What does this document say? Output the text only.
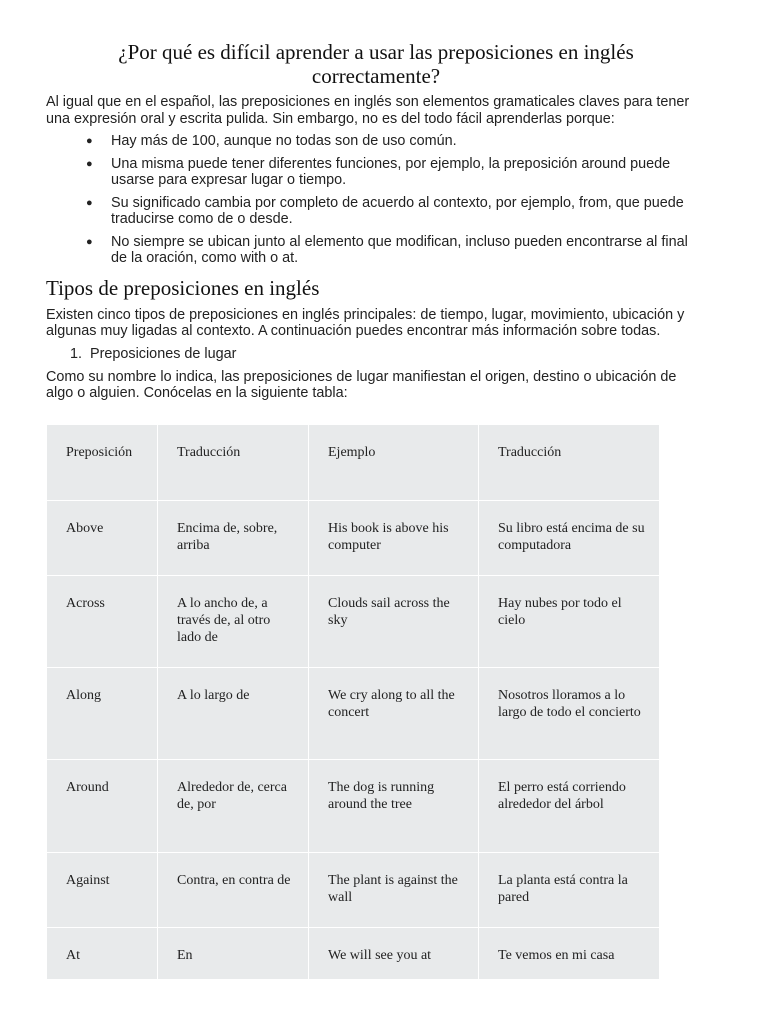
¿Por qué es difícil aprender a usar las preposiciones en inglés correctamente?

Al igual que en el español, las preposiciones en inglés son elementos gramaticales claves para tener una expresión oral y escrita pulida. Sin embargo, no es del todo fácil aprenderlas porque:

● Hay más de 100, aunque no todas son de uso común.
● Una misma puede tener diferentes funciones, por ejemplo, la preposición around puede usarse para expresar lugar o tiempo.
● Su significado cambia por completo de acuerdo al contexto, por ejemplo, from, que puede traducirse como de o desde.
● No siempre se ubican junto al elemento que modifican, incluso pueden encontrarse al final de la oración, como with o at.
Tipos de preposiciones en inglés

Existen cinco tipos de preposiciones en inglés principales: de tiempo, lugar, movimiento, ubicación y algunas muy ligadas al contexto. A continuación puedes encontrar más información sobre todas.

1. Preposiciones de lugar

Como su nombre lo indica, las preposiciones de lugar manifiestan el origen, destino o ubicación de algo o alguien. Conócelas en la siguiente tabla:

Preposición	Traducción	Ejemplo	Traducción
Above	Encima de, sobre, arriba	His book is above his computer	Su libro está encima de su computadora
Across	A lo ancho de, a través de, al otro lado de	Clouds sail across the sky	Hay nubes por todo el cielo
Along	A lo largo de	We cry along to all the concert	Nosotros lloramos a lo largo de todo el concierto
Around	Alrededor de, cerca de, por	The dog is running around the tree	El perro está corriendo alrededor del árbol
Against	Contra, en contra de	The plant is against the wall	La planta está contra la pared
At	En	We will see you at	Te vemos en mi casa
